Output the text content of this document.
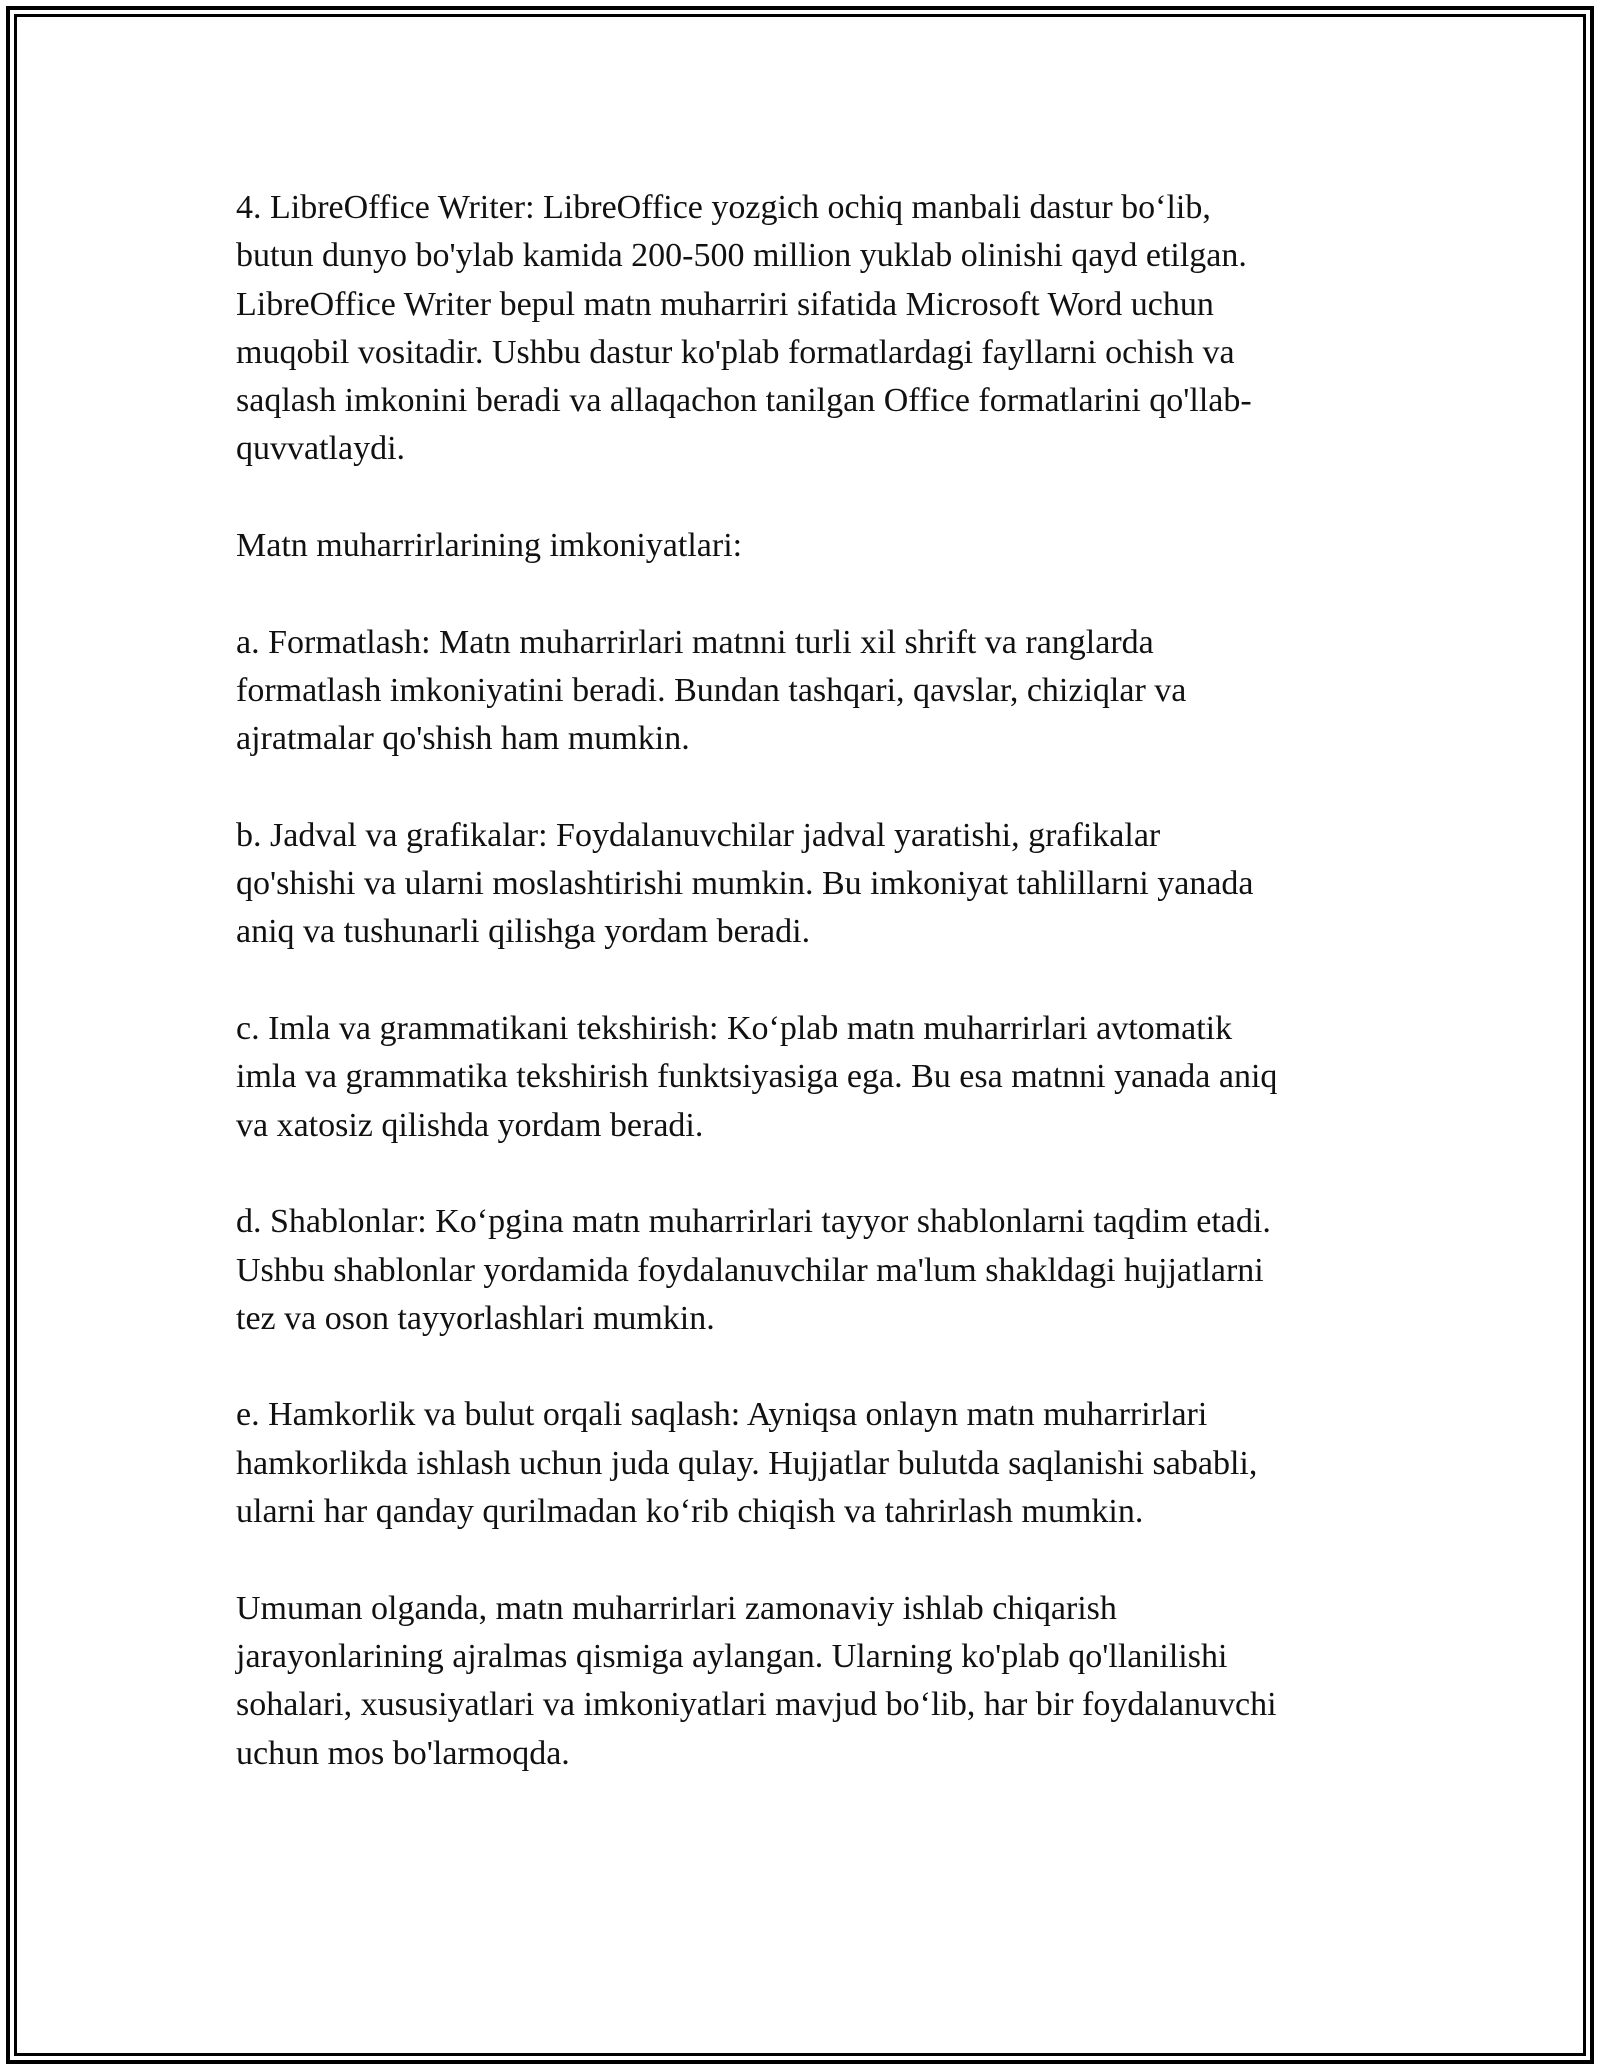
4. LibreOffice Writer: LibreOffice yozgich ochiq manbali dastur bo‘lib,
butun dunyo bo'ylab kamida 200-500 million yuklab olinishi qayd etilgan.
LibreOffice Writer bepul matn muharriri sifatida Microsoft Word uchun
muqobil vositadir. Ushbu dastur ko'plab formatlardagi fayllarni ochish va
saqlash imkonini beradi va allaqachon tanilgan Office formatlarini qo'llab-
quvvatlaydi.

Matn muharrirlarining imkoniyatlari:

a. Formatlash: Matn muharrirlari matnni turli xil shrift va ranglarda
formatlash imkoniyatini beradi. Bundan tashqari, qavslar, chiziqlar va
ajratmalar qo'shish ham mumkin.

b. Jadval va grafikalar: Foydalanuvchilar jadval yaratishi, grafikalar
qo'shishi va ularni moslashtirishi mumkin. Bu imkoniyat tahlillarni yanada
aniq va tushunarli qilishga yordam beradi.

c. Imla va grammatikani tekshirish: Ko‘plab matn muharrirlari avtomatik
imla va grammatika tekshirish funktsiyasiga ega. Bu esa matnni yanada aniq
va xatosiz qilishda yordam beradi.

d. Shablonlar: Ko‘pgina matn muharrirlari tayyor shablonlarni taqdim etadi.
Ushbu shablonlar yordamida foydalanuvchilar ma'lum shakldagi hujjatlarni
tez va oson tayyorlashlari mumkin.

e. Hamkorlik va bulut orqali saqlash: Ayniqsa onlayn matn muharrirlari
hamkorlikda ishlash uchun juda qulay. Hujjatlar bulutda saqlanishi sababli,
ularni har qanday qurilmadan ko‘rib chiqish va tahrirlash mumkin.

Umuman olganda, matn muharrirlari zamonaviy ishlab chiqarish
jarayonlarining ajralmas qismiga aylangan. Ularning ko'plab qo'llanilishi
sohalari, xususiyatlari va imkoniyatlari mavjud bo‘lib, har bir foydalanuvchi
uchun mos bo'larmoqda.
